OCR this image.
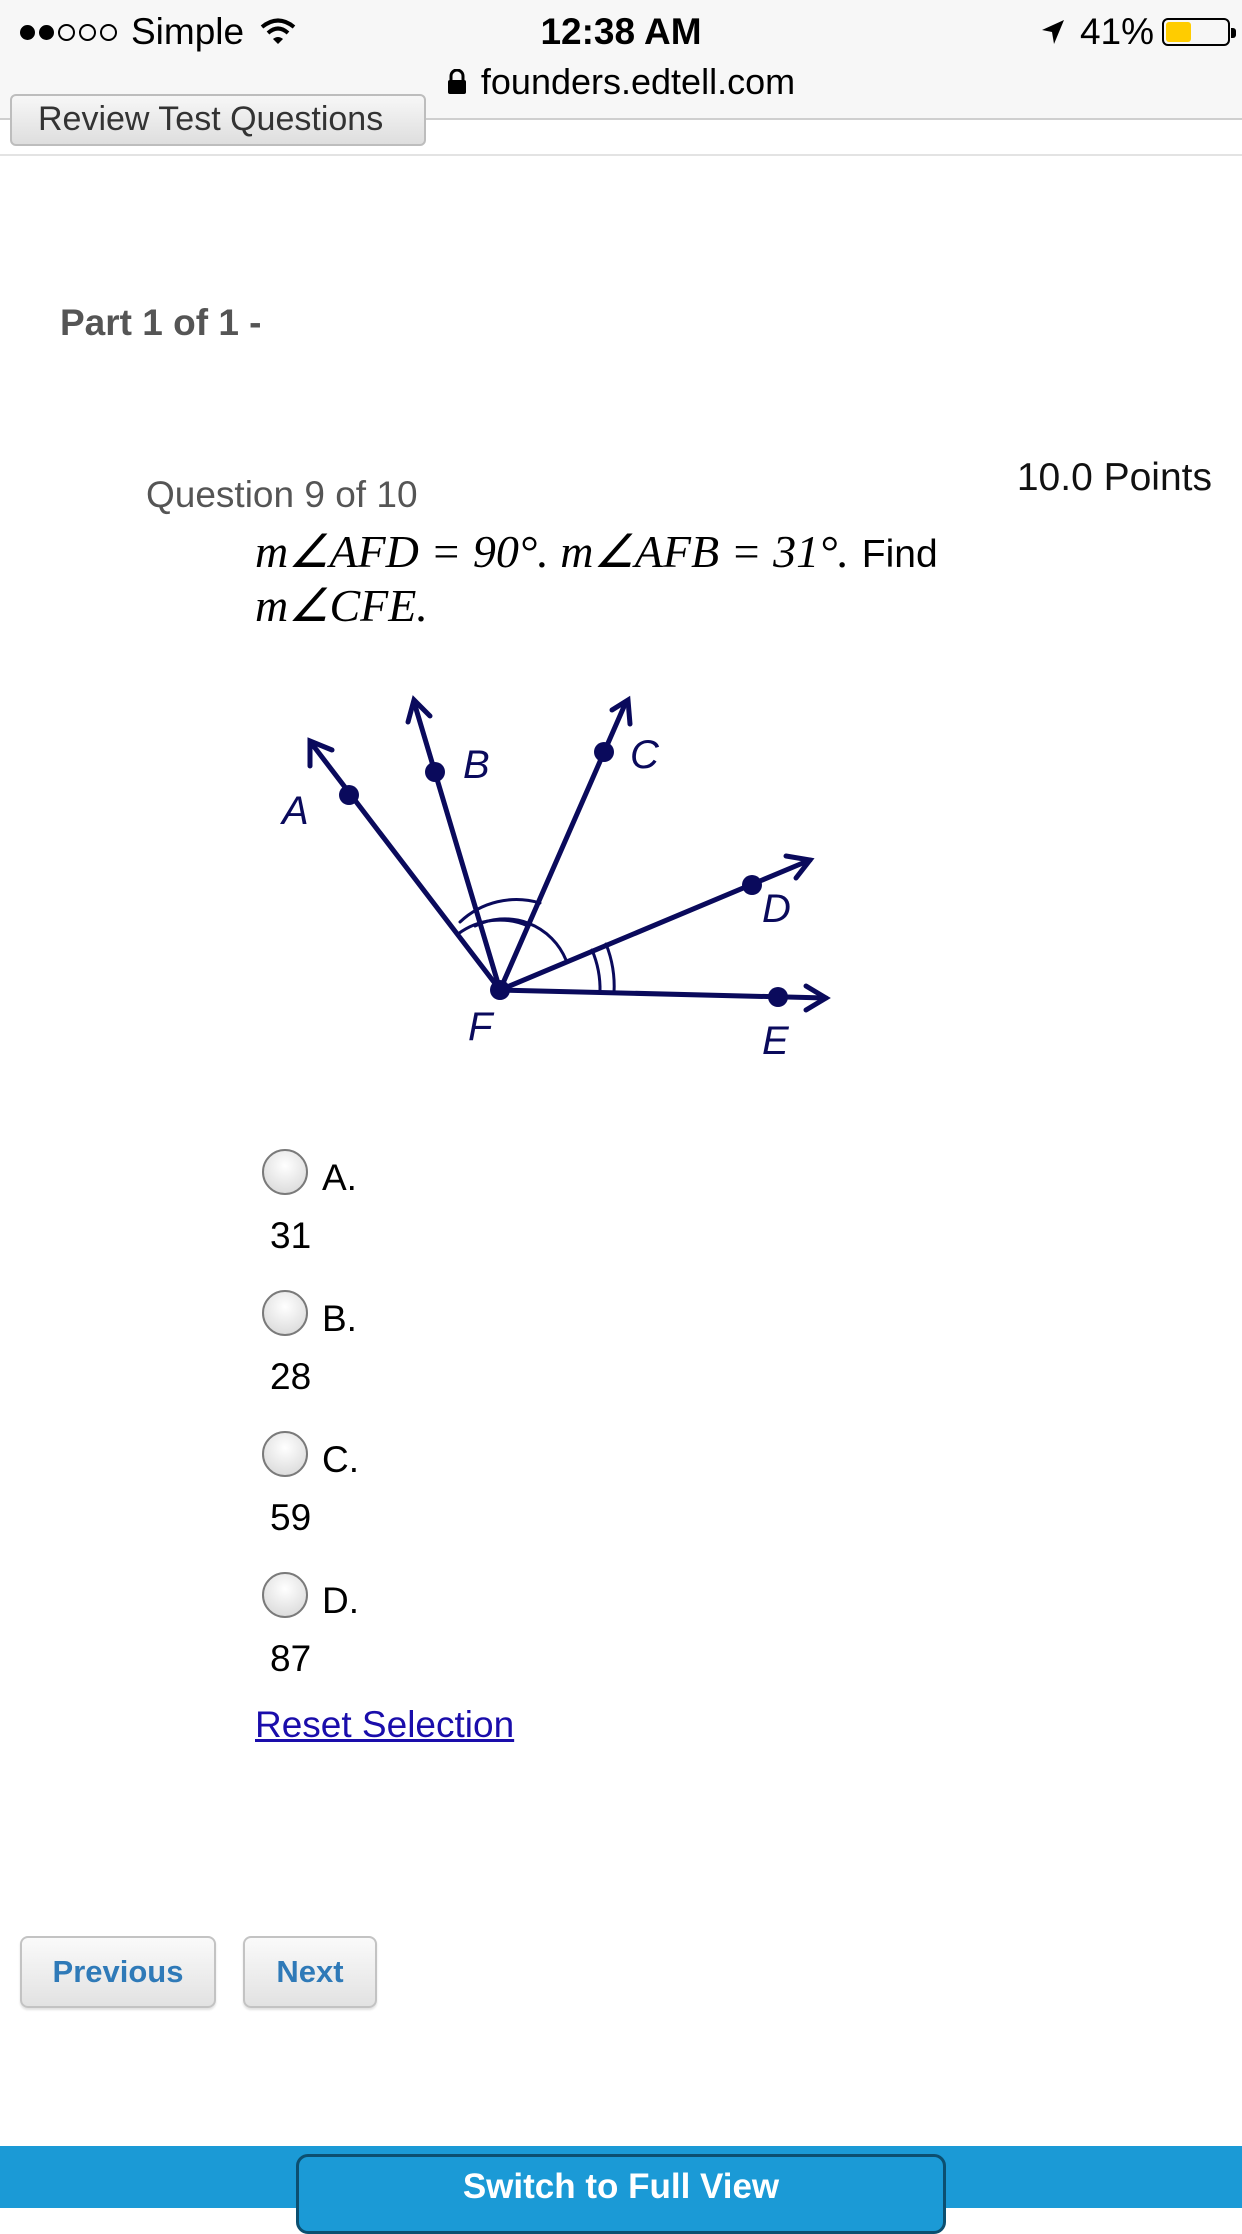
Simple	12:38 AM	41%
founders.edtell.com
Review Test Questions
Part 1 of 1 -
Question 9 of 10	10.0 Points
m∠AFD = 90°. m∠AFB = 31°. Find
m∠CFE.
A
B	C
D
E
F
A.
31
B.
28
C.
59
D.
87
Reset Selection
Previous	Next
Switch to Full View
